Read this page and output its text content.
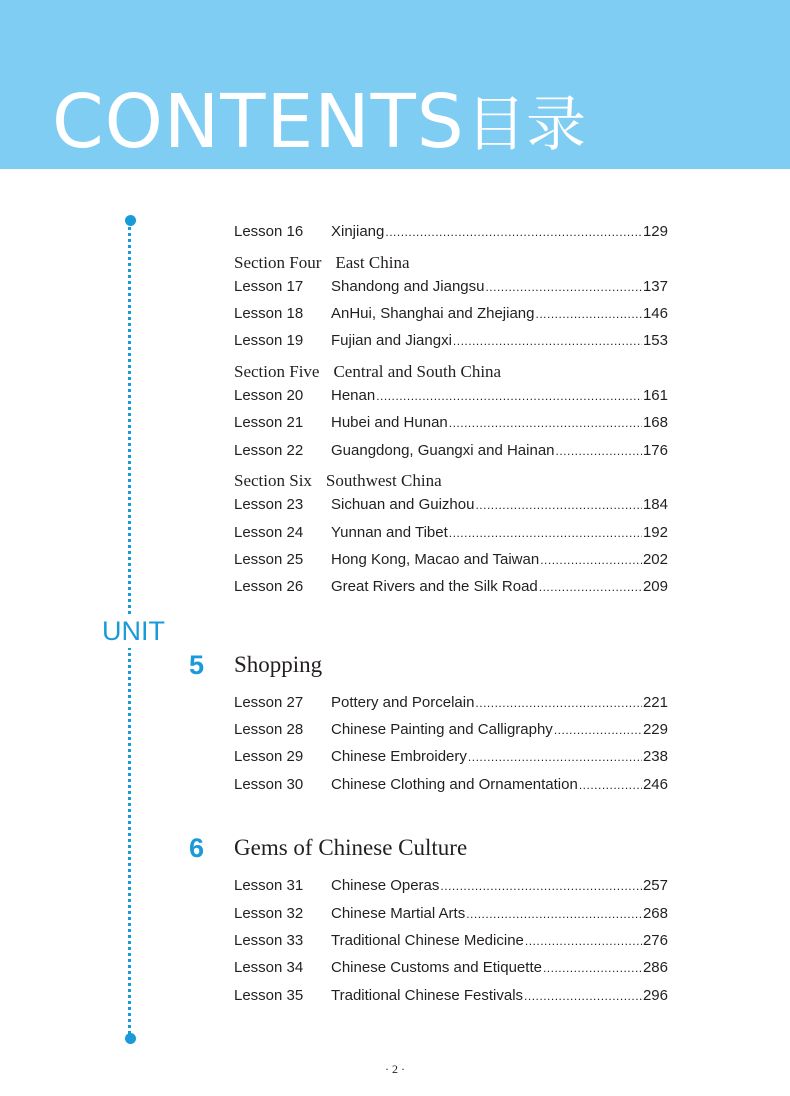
CONTENTS 目录
UNIT
Lesson 16 Xinjiang .....	129
Section Four East China
Lesson 17 Shandong and Jiangsu .....	137
Lesson 18 AnHui, Shanghai and Zhejiang .....	146
Lesson 19 Fujian and Jiangxi .....	153
Section Five Central and South China
Lesson 20 Henan .....	161
Lesson 21 Hubei and Hunan .....	168
Lesson 22 Guangdong, Guangxi and Hainan .....	176
Section Six Southwest China
Lesson 23 Sichuan and Guizhou .....	184
Lesson 24 Yunnan and Tibet .....	192
Lesson 25 Hong Kong, Macao and Taiwan .....	202
Lesson 26 Great Rivers and the Silk Road .....	209
5 Shopping
Lesson 27 Pottery and Porcelain .....	221
Lesson 28 Chinese Painting and Calligraphy .....	229
Lesson 29 Chinese Embroidery .....	238
Lesson 30 Chinese Clothing and Ornamentation .....	246
6 Gems of Chinese Culture
Lesson 31 Chinese Operas .....	257
Lesson 32 Chinese Martial Arts .....	268
Lesson 33 Traditional Chinese Medicine .....	276
Lesson 34 Chinese Customs and Etiquette .....	286
Lesson 35 Traditional Chinese Festivals .....	296
· 2 ·
